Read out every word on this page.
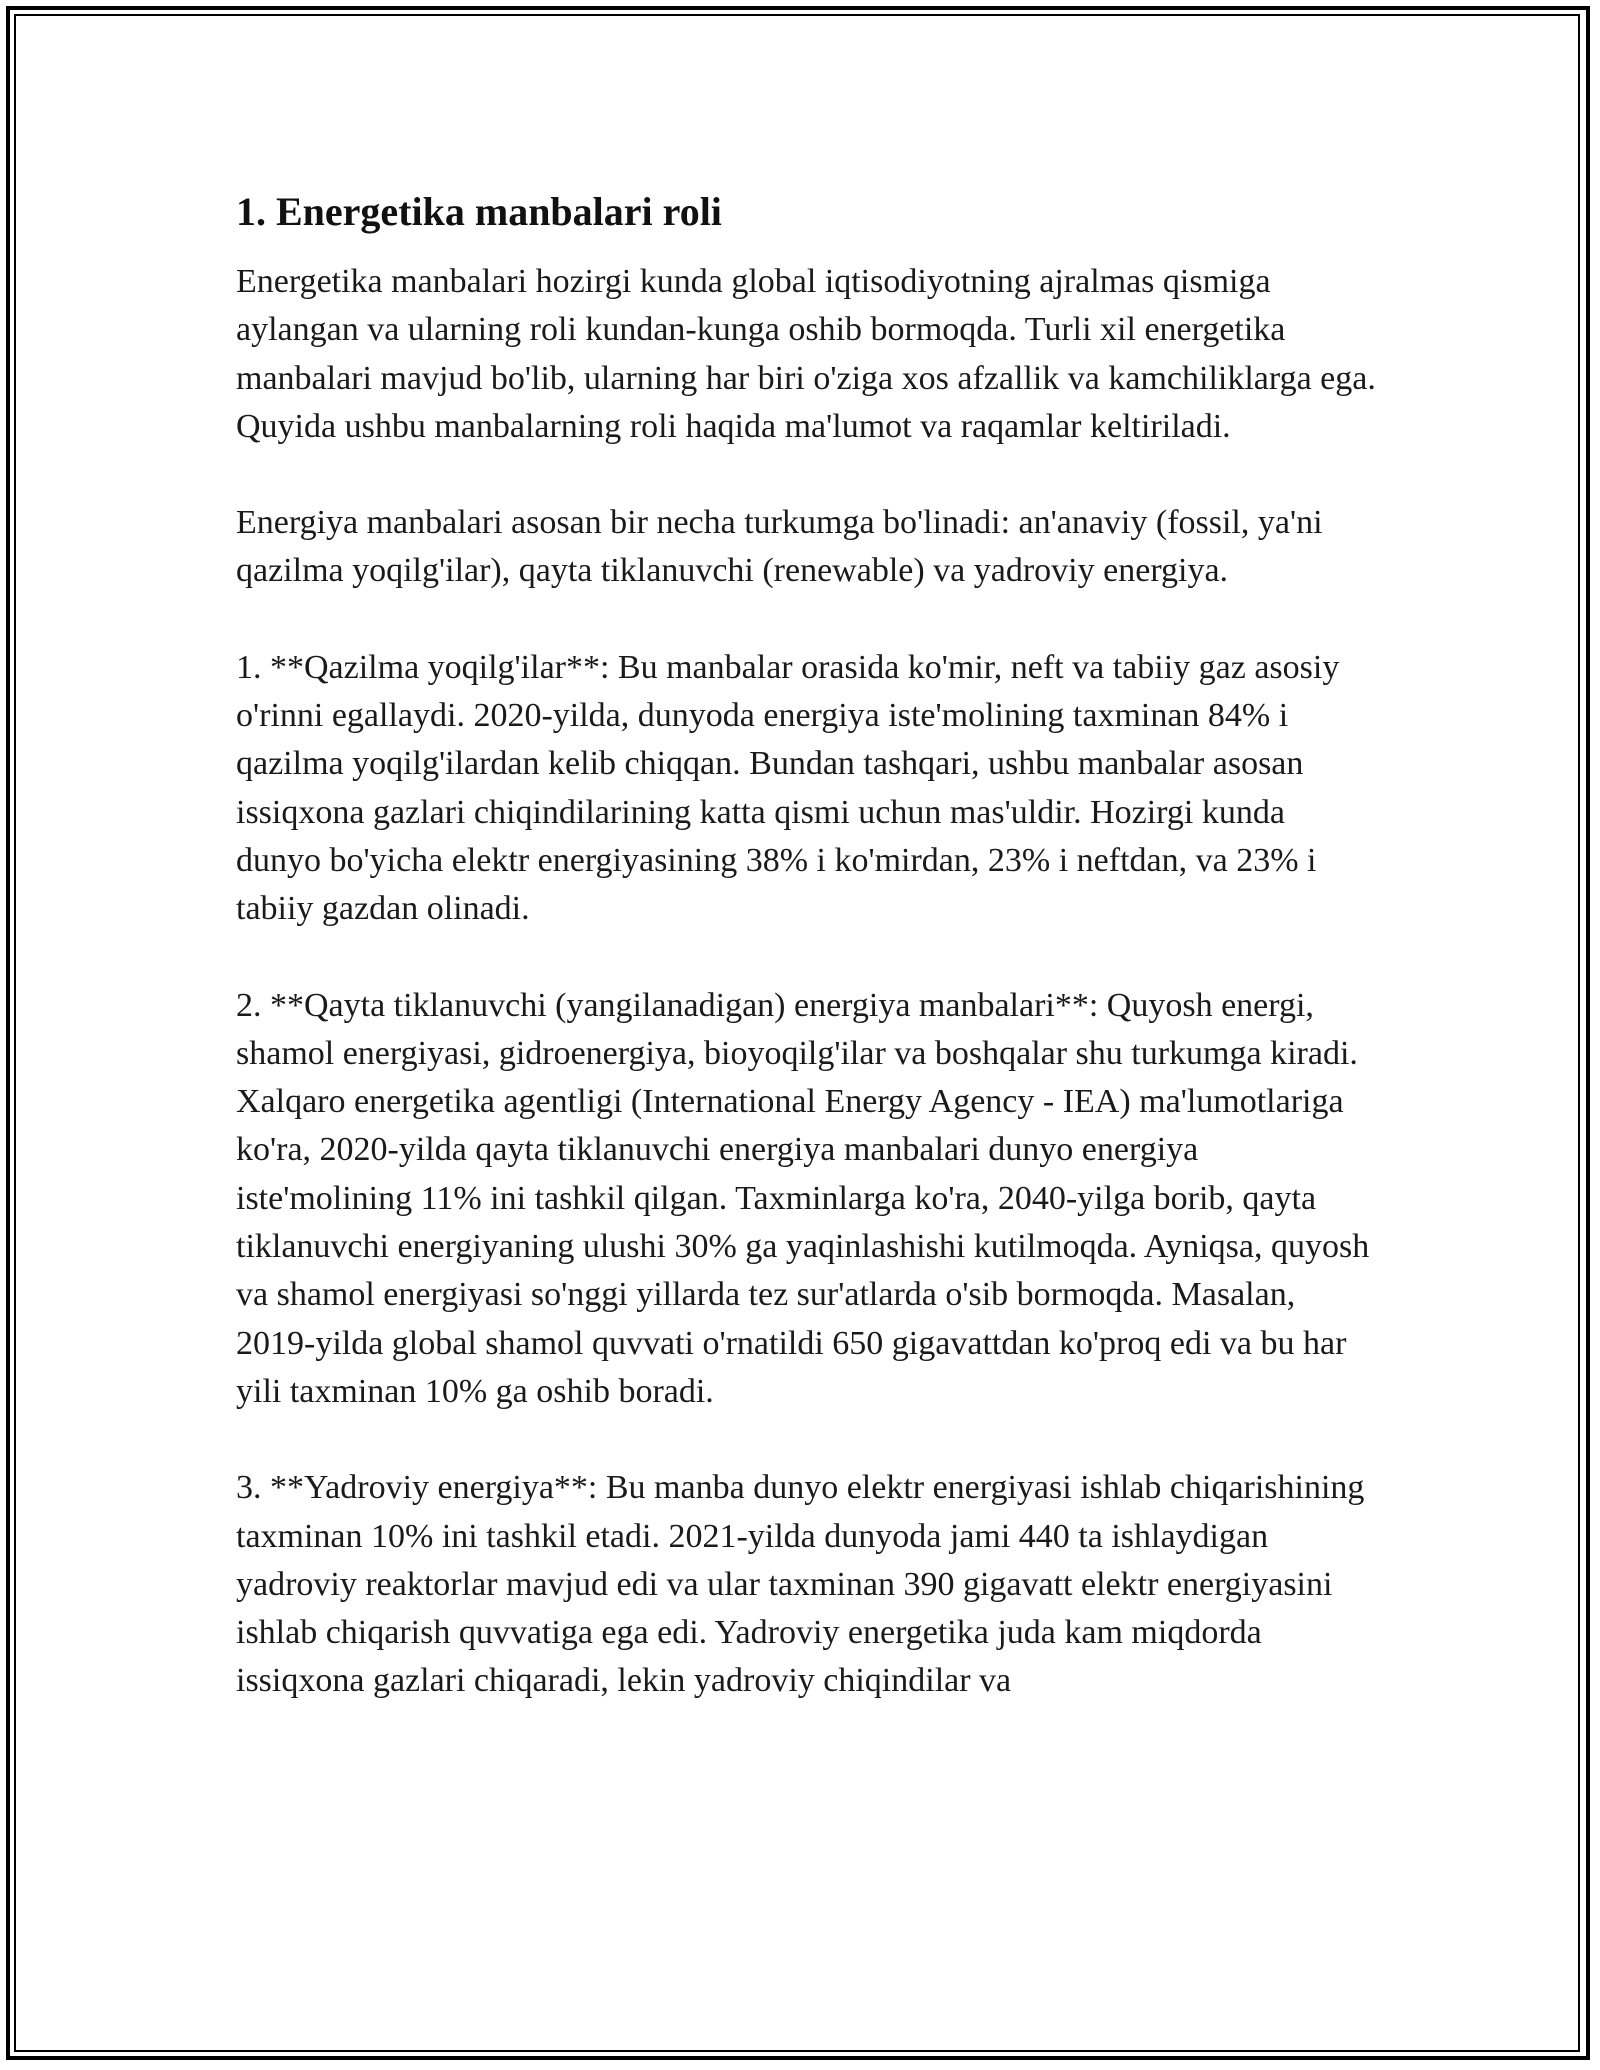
1. Energetika manbalari roli

Energetika manbalari hozirgi kunda global iqtisodiyotning ajralmas qismiga aylangan va ularning roli kundan-kunga oshib bormoqda. Turli xil energetika manbalari mavjud bo'lib, ularning har biri o'ziga xos afzallik va kamchiliklarga ega. Quyida ushbu manbalarning roli haqida ma'lumot va raqamlar keltiriladi.

Energiya manbalari asosan bir necha turkumga bo'linadi: an'anaviy (fossil, ya'ni qazilma yoqilg'ilar), qayta tiklanuvchi (renewable) va yadroviy energiya.

1. **Qazilma yoqilg'ilar**: Bu manbalar orasida ko'mir, neft va tabiiy gaz asosiy o'rinni egallaydi. 2020-yilda, dunyoda energiya iste'molining taxminan 84% i qazilma yoqilg'ilardan kelib chiqqan. Bundan tashqari, ushbu manbalar asosan issiqxona gazlari chiqindilarining katta qismi uchun mas'uldir. Hozirgi kunda dunyo bo'yicha elektr energiyasining 38% i ko'mirdan, 23% i neftdan, va 23% i tabiiy gazdan olinadi.

2. **Qayta tiklanuvchi (yangilanadigan) energiya manbalari**: Quyosh energi, shamol energiyasi, gidroenergiya, bioyoqilg'ilar va boshqalar shu turkumga kiradi. Xalqaro energetika agentligi (International Energy Agency - IEA) ma'lumotlariga ko'ra, 2020-yilda qayta tiklanuvchi energiya manbalari dunyo energiya iste'molining 11% ini tashkil qilgan. Taxminlarga ko'ra, 2040-yilga borib, qayta tiklanuvchi energiyaning ulushi 30% ga yaqinlashishi kutilmoqda. Ayniqsa, quyosh va shamol energiyasi so'nggi yillarda tez sur'atlarda o'sib bormoqda. Masalan, 2019-yilda global shamol quvvati o'rnatildi 650 gigavattdan ko'proq edi va bu har yili taxminan 10% ga oshib boradi.

3. **Yadroviy energiya**: Bu manba dunyo elektr energiyasi ishlab chiqarishining taxminan 10% ini tashkil etadi. 2021-yilda dunyoda jami 440 ta ishlaydigan yadroviy reaktorlar mavjud edi va ular taxminan 390 gigavatt elektr energiyasini ishlab chiqarish quvvatiga ega edi. Yadroviy energetika juda kam miqdorda issiqxona gazlari chiqaradi, lekin yadroviy chiqindilar va
